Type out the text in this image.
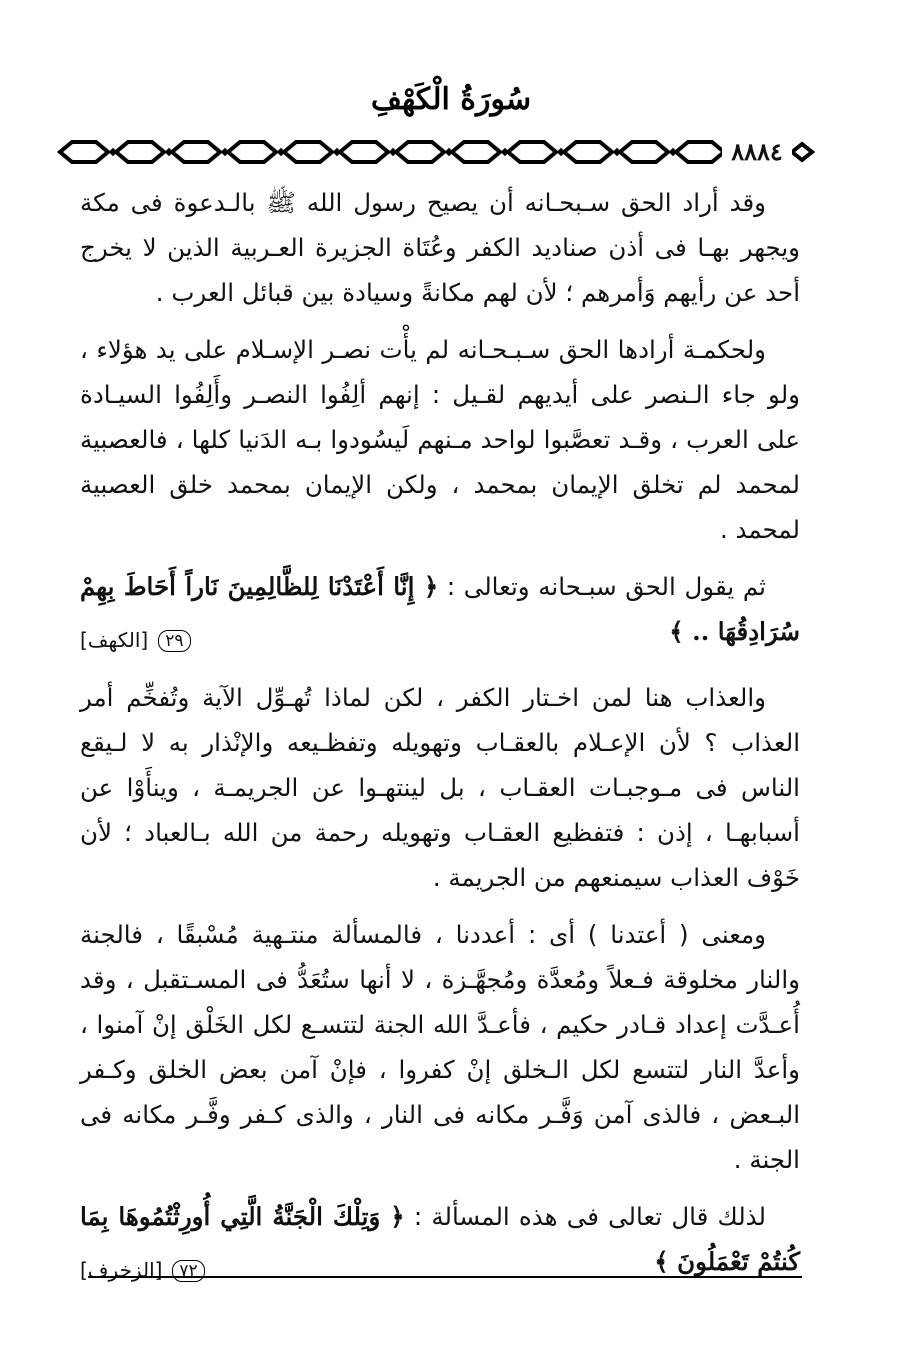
سُورَةُ الْكَهْفِ
٨٨٨٤

وقد أراد الحق سـبحـانه أن يصيح رسول الله ﷺ بالـدعوة فى مكة ويجهر بهـا فى أذن صناديد الكفر وعُتَاة الجزيرة العـربية الذين لا يخرج أحد عن رأيهم وَأمرهم ؛ لأن لهم مكانةً وسيادة بين قبائل العرب .

ولحكمـة أرادها الحق سـبـحـانه لم يأْت نصـر الإسـلام على يد هؤلاء ، ولو جاء الـنصر على أيديهم لقـيل : إنهم ألِفُوا النصـر وأَلِفُوا السيـادة على العرب ، وقـد تعصَّبوا لواحد مـنهم لَيسُودوا بـه الدَنيا كلها ، فالعصبية لمحمد لم تخلق الإيمان بمحمد ، ولكن الإيمان بمحمد خلق العصبية لمحمد .

ثم يقول الحق سبـحانه وتعالى : ﴿ إِنَّا أَعْتَدْنَا لِلظَّالِمِينَ نَاراً أَحَاطَ بِهِمْ سُرَادِقُهَا .. ﴾

٢٩
[الكهف]

والعذاب هنا لمن اخـتار الكفر ، لكن لماذا تُهـوِّل الآية وتُفخِّم أمر العذاب ؟ لأن الإعـلام بالعقـاب وتهويله وتفظـيعه والإنْذار به لا لـيقع الناس فى مـوجبـات العقـاب ، بل لينتهـوا عن الجريمـة ، وينأَوْا عن أسبابهـا ، إذن : فتفظيع العقـاب وتهويله رحمة من الله بـالعباد ؛ لأن خَوْف العذاب سيمنعهم من الجريمة .

ومعنى ( أعتدنا ) أى : أعددنا ، فالمسألة منتـهية مُسْبقًا ، فالجنة والنار مخلوقة فـعلاً ومُعدَّة ومُجهَّـزة ، لا أنها ستُعَدُّ فى المسـتقبل ، وقد أُعـدَّت إعداد قـادر حكيم ، فأعـدَّ الله الجنة لتتسـع لكل الخَلْق إنْ آمنوا ، وأعدَّ النار لتتسع لكل الـخلق إنْ كفروا ، فإنْ آمن بعض الخلق وكـفر البـعض ، فالذى آمن وَفَّـر مكانه فى النار ، والذى كـفر وفَّـر مكانه فى الجنة .

لذلك قال تعالى فى هذه المسألة : ﴿ وَتِلْكَ الْجَنَّةُ الَّتِي أُورِثْتُمُوهَا بِمَا كُنتُمْ تَعْمَلُونَ ﴾

٧٢
[الزخرف]
